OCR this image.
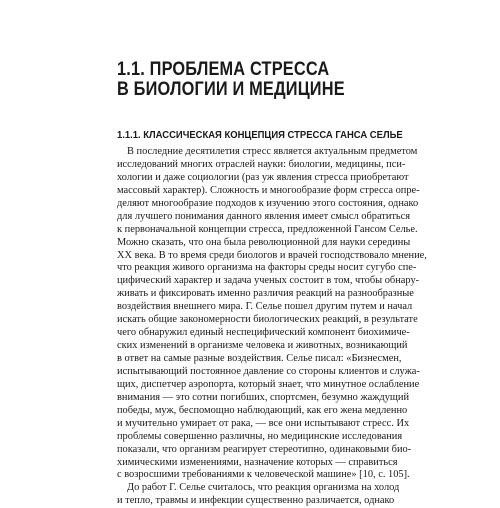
1.1. ПРОБЛЕМА СТРЕССА
В БИОЛОГИИ И МЕДИЦИНЕ
1.1.1. КЛАССИЧЕСКАЯ КОНЦЕПЦИЯ СТРЕССА ГАНСА СЕЛЬЕ
В последние десятилетия стресс является актуальным предметом
исследований многих отраслей науки: биологии, медицины, пси-
хологии и даже социологии (раз уж явления стресса приобретают
массовый характер). Сложность и многообразие форм стресса опре-
деляют многообразие подходов к изучению этого состояния, однако
для лучшего понимания данного явления имеет смысл обратиться
к первоначальной концепции стресса, предложенной Гансом Селье.
Можно сказать, что она была революционной для науки середины
XX века. В то время среди биологов и врачей господствовало мнение,
что реакция живого организма на факторы среды носит сугубо спе-
цифический характер и задача ученых состоит в том, чтобы обнару-
живать и фиксировать именно различия реакций на разнообразные
воздействия внешнего мира. Г. Селье пошел другим путем и начал
искать общие закономерности биологических реакций, в результате
чего обнаружил единый неспецифический компонент биохимиче-
ских изменений в организме человека и животных, возникающий
в ответ на самые разные воздействия. Селье писал: «Бизнесмен,
испытывающий постоянное давление со стороны клиентов и служа-
щих, диспетчер аэропорта, который знает, что минутное ослабление
внимания — это сотни погибших, спортсмен, безумно жаждущий
победы, муж, беспомощно наблюдающий, как его жена медленно
и мучительно умирает от рака, — все они испытывают стресс. Их
проблемы совершенно различны, но медицинские исследования
показали, что организм реагирует стереотипно, одинаковыми био-
химическими изменениями, назначение которых — справиться
с возросшими требованиями к человеческой машине» [10, с. 105].
До работ Г. Селье считалось, что реакция организма на холод
и тепло, травмы и инфекции существенно различается, однако
